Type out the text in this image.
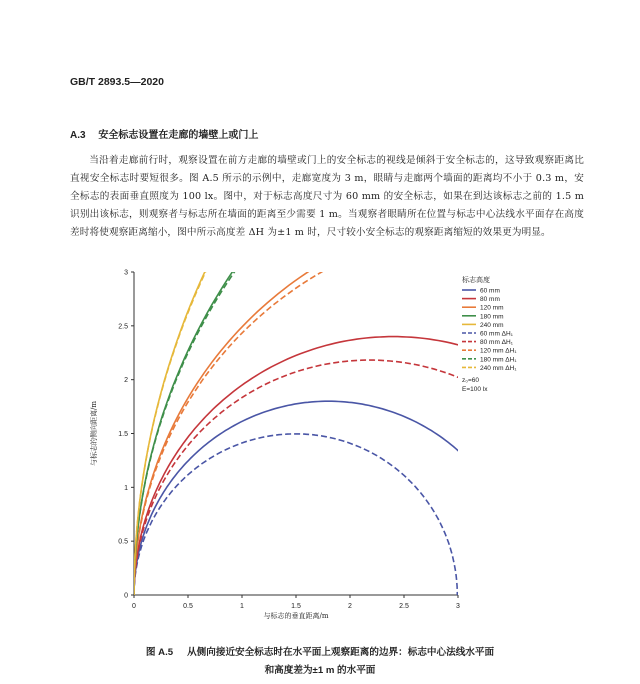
GB/T 2893.5—2020
A.3 安全标志设置在走廊的墙壁上或门上
当沿着走廊前行时，观察设置在前方走廊的墙壁或门上的安全标志的视线是倾斜于安全标志的，这导致观察距离比直视安全标志时要短很多。图 A.5 所示的示例中，走廊宽度为 3 m，眼睛与走廊两个墙面的距离均不小于 0.3 m，安全标志的表面垂直照度为 100 lx。图中，对于标志高度尺寸为 60 mm 的安全标志，如果在到达该标志之前的 1.5 m 识别出该标志，则观察者与标志所在墙面的距离至少需要 1 m。当观察者眼睛所在位置与标志中心法线水平面存在高度差时将使观察距离缩小，图中所示高度差 ΔH 为±1 m 时，尺寸较小安全标志的观察距离缩短的效果更为明显。
0	0.5	1	1.5	2	2.5	3
0
0.5
1
1.5
2
2.5
3
与标志的垂直距离/m
与标志的侧向距离/m
标志高度
60 mm
80 mm
120 mm
180 mm
240 mm
60 mm ΔH₁
80 mm ΔH₁
120 mm ΔH₁
180 mm ΔH₁
240 mm ΔH₁
z₀=60
E=100 lx
图 A.5 从侧向接近安全标志时在水平面上观察距离的边界：标志中心法线水平面
和高度差为±1 m 的水平面
